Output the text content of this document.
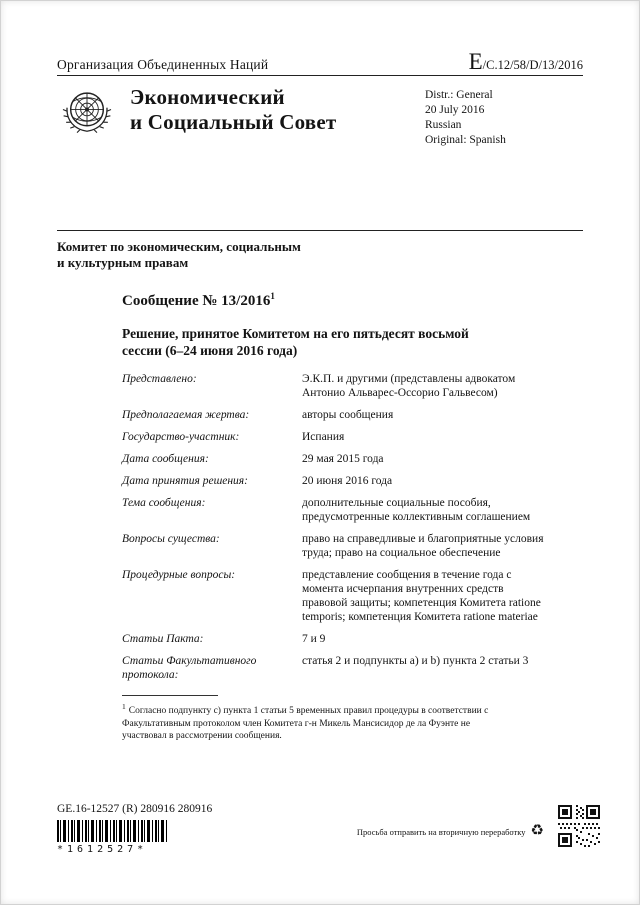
Организация Объединенных Наций	E/C.12/58/D/13/2016
Экономический
и Социальный Совет
Distr.: General
20 July 2016
Russian
Original: Spanish
Комитет по экономическим, социальным
и культурным правам
Сообщение № 13/2016$^1$
Решение, принятое Комитетом на его пятьдесят восьмой сессии (6–24 июня 2016 года)
Представлено:	Э.К.П. и другими (представлены адвокатом Антонио Альварес-Оссорио Гальвесом)
Предполагаемая жертва:	авторы сообщения
Государство-участник:	Испания
Дата сообщения:	29 мая 2015 года
Дата принятия решения:	20 июня 2016 года
Тема сообщения:	дополнительные социальные пособия, предусмотренные коллективным соглашением
Вопросы существа:	право на справедливые и благоприятные условия труда; право на социальное обеспечение
Процедурные вопросы:	представление сообщения в течение года с момента исчерпания внутренних средств правовой защиты; компетенция Комитета ratione temporis; компетенция Комитета ratione materiae
Статьи Пакта:	7 и 9
Статьи Факультативного протокола:
статья 2 и подпункты a) и b) пункта 2 статьи 3
$^1$ Согласно подпункту с) пункта 1 статьи 5 временных правил процедуры в соответствии с Факультативным протоколом член Комитета г-н Микель Мансисидор де ла Фуэнте не участвовал в рассмотрении сообщения.
GE.16-12527 (R) 280916 280916
*1612527*
Просьба отправить на вторичную переработку ♻
